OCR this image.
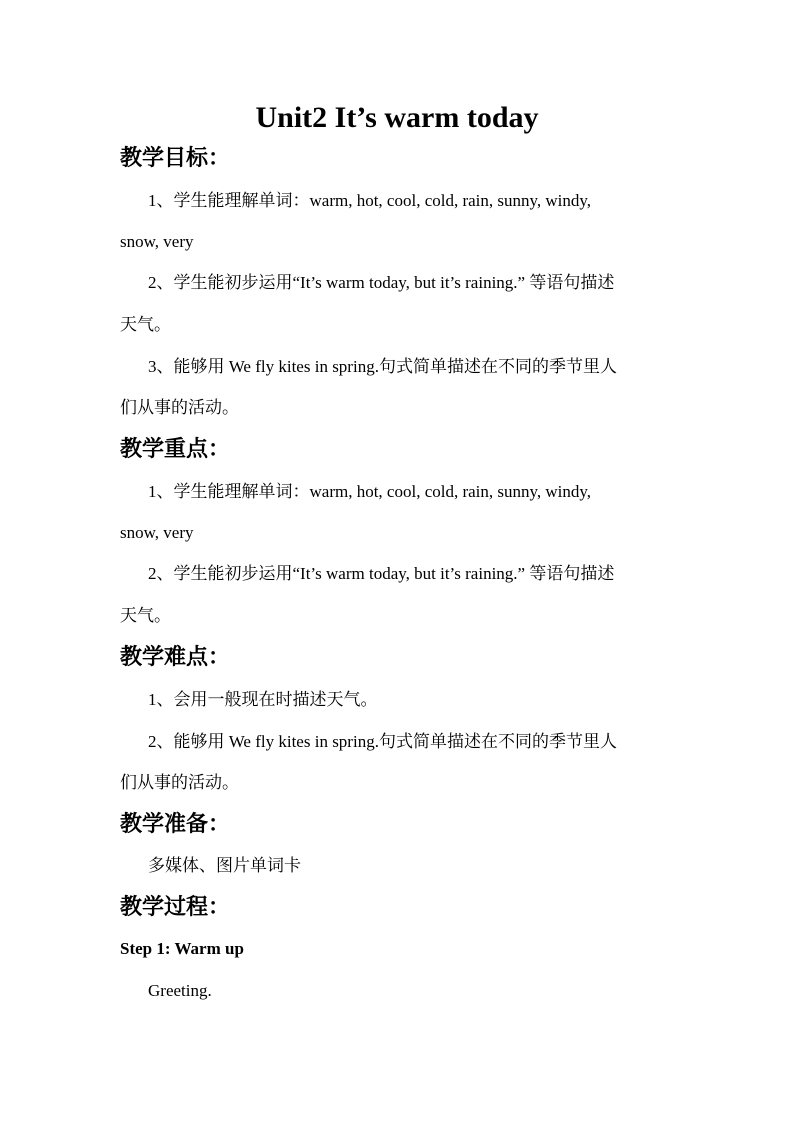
Unit2 It’s warm today
教学目标：
1、学生能理解单词：warm, hot, cool, cold, rain, sunny, windy,
snow, very
2、学生能初步运用“It’s warm today, but it’s raining.” 等语句描述
天气。
3、能够用 We fly kites in spring.句式简单描述在不同的季节里人
们从事的活动。
教学重点：
1、学生能理解单词：warm, hot, cool, cold, rain, sunny, windy,
snow, very
2、学生能初步运用“It’s warm today, but it’s raining.” 等语句描述
天气。
教学难点：
1、会用一般现在时描述天气。
2、能够用 We fly kites in spring.句式简单描述在不同的季节里人
们从事的活动。
教学准备：
多媒体、图片单词卡
教学过程：
Step 1: Warm up
Greeting.
